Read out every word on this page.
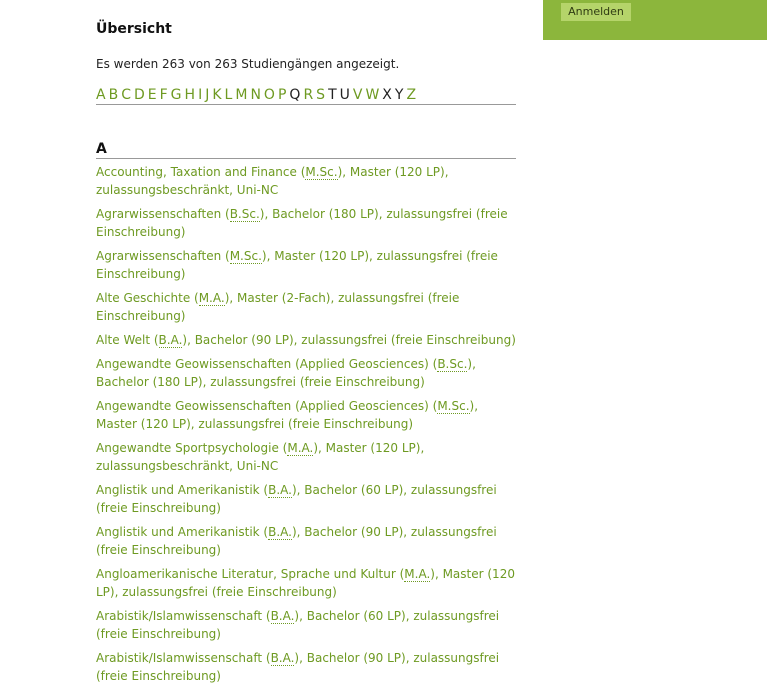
Anmelden
Übersicht
Es werden 263 von 263 Studiengängen angezeigt.
A B C D E F G H I J K L M N O P Q R S T U V W X Y Z
A
Accounting, Taxation and Finance (M.Sc.), Master (120 LP), zulassungsbeschränkt, Uni-NC
Agrarwissenschaften (B.Sc.), Bachelor (180 LP), zulassungsfrei (freie Einschreibung)
Agrarwissenschaften (M.Sc.), Master (120 LP), zulassungsfrei (freie Einschreibung)
Alte Geschichte (M.A.), Master (2-Fach), zulassungsfrei (freie Einschreibung)
Alte Welt (B.A.), Bachelor (90 LP), zulassungsfrei (freie Einschreibung)
Angewandte Geowissenschaften (Applied Geosciences) (B.Sc.), Bachelor (180 LP), zulassungsfrei (freie Einschreibung)
Angewandte Geowissenschaften (Applied Geosciences) (M.Sc.), Master (120 LP), zulassungsfrei (freie Einschreibung)
Angewandte Sportpsychologie (M.A.), Master (120 LP), zulassungsbeschränkt, Uni-NC
Anglistik und Amerikanistik (B.A.), Bachelor (60 LP), zulassungsfrei (freie Einschreibung)
Anglistik und Amerikanistik (B.A.), Bachelor (90 LP), zulassungsfrei (freie Einschreibung)
Angloamerikanische Literatur, Sprache und Kultur (M.A.), Master (120 LP), zulassungsfrei (freie Einschreibung)
Arabistik/Islamwissenschaft (B.A.), Bachelor (60 LP), zulassungsfrei (freie Einschreibung)
Arabistik/Islamwissenschaft (B.A.), Bachelor (90 LP), zulassungsfrei (freie Einschreibung)
